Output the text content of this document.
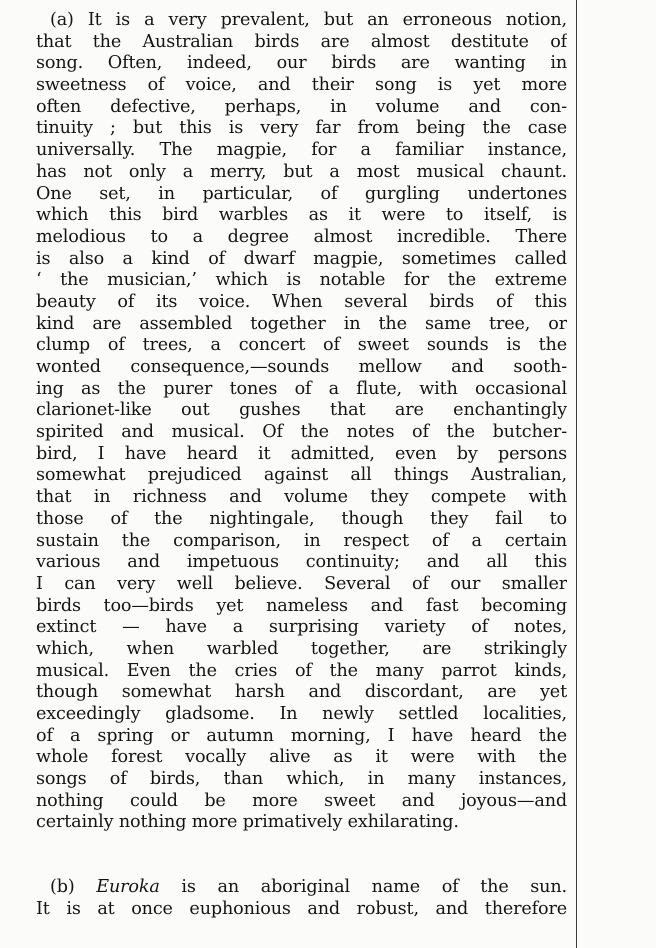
(a) It is a very prevalent, but an erroneous notion,
that the Australian birds are almost destitute of
song. Often, indeed, our birds are wanting in
sweetness of voice, and their song is yet more
often defective, perhaps, in volume and con-
tinuity ; but this is very far from being the case
universally. The magpie, for a familiar instance,
has not only a merry, but a most musical chaunt.
One set, in particular, of gurgling undertones
which this bird warbles as it were to itself, is
melodious to a degree almost incredible. There
is also a kind of dwarf magpie, sometimes called
‘ the musician,’ which is notable for the extreme
beauty of its voice. When several birds of this
kind are assembled together in the same tree, or
clump of trees, a concert of sweet sounds is the
wonted consequence,—sounds mellow and sooth-
ing as the purer tones of a flute, with occasional
clarionet-like out gushes that are enchantingly
spirited and musical. Of the notes of the butcher-
bird, I have heard it admitted, even by persons
somewhat prejudiced against all things Australian,
that in richness and volume they compete with
those of the nightingale, though they fail to
sustain the comparison, in respect of a certain
various and impetuous continuity; and all this
I can very well believe. Several of our smaller
birds too—birds yet nameless and fast becoming
extinct — have a surprising variety of notes,
which, when warbled together, are strikingly
musical. Even the cries of the many parrot kinds,
though somewhat harsh and discordant, are yet
exceedingly gladsome. In newly settled localities,
of a spring or autumn morning, I have heard the
whole forest vocally alive as it were with the
songs of birds, than which, in many instances,
nothing could be more sweet and joyous—and
certainly nothing more primatively exhilarating.
(b) Euroka is an aboriginal name of the sun.
It is at once euphonious and robust, and therefore
